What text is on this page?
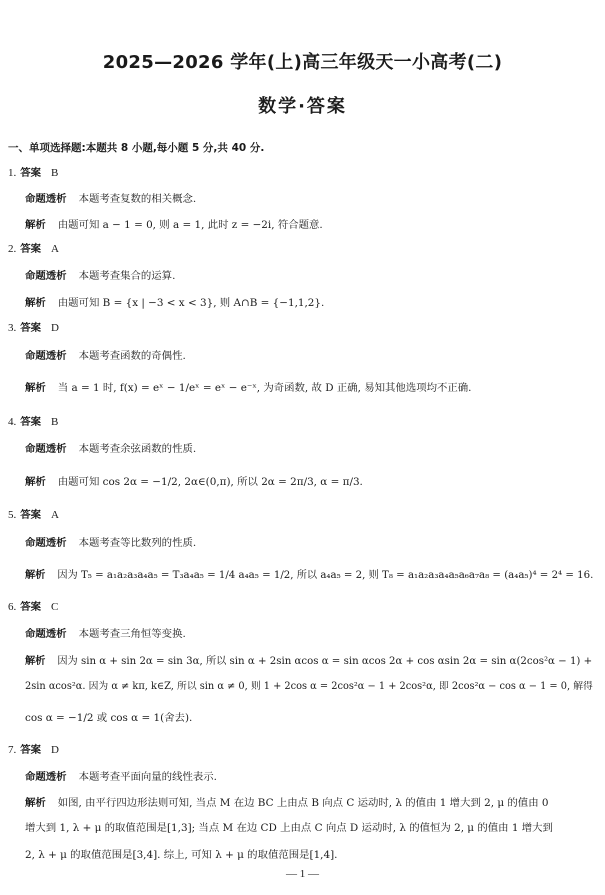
2025—2026 学年(上)高三年级天一小高考(二)
数学·答案
一、单项选择题:本题共 8 小题,每小题 5 分,共 40 分.
1. 答案 B
命题透析 本题考查复数的相关概念.
解析 由题可知 a − 1 = 0, 则 a = 1, 此时 z = −2i, 符合题意.
2. 答案 A
命题透析 本题考查集合的运算.
解析 由题可知 B = {x | −3 < x < 3}, 则 A∩B = {−1,1,2}.
3. 答案 D
命题透析 本题考查函数的奇偶性.
解析 当 a = 1 时, f(x) = eˣ − 1/eˣ = eˣ − e⁻ˣ, 为奇函数, 故 D 正确, 易知其他选项均不正确.
4. 答案 B
命题透析 本题考查余弦函数的性质.
解析 由题可知 cos 2α = −1/2, 2α∈(0,π), 所以 2α = 2π/3, α = π/3.
5. 答案 A
命题透析 本题考查等比数列的性质.
解析 因为 T₅ = a₁a₂a₃a₄a₅ = T₃a₄a₅ = 1/4 a₄a₅ = 1/2, 所以 a₄a₅ = 2, 则 T₈ = a₁a₂a₃a₄a₅a₆a₇a₈ = (a₄a₅)⁴ = 2⁴ = 16.
6. 答案 C
命题透析 本题考查三角恒等变换.
解析 因为 sin α + sin 2α = sin 3α, 所以 sin α + 2sin αcos α = sin αcos 2α + cos αsin 2α = sin α(2cos²α − 1) +
2sin αcos²α. 因为 α ≠ kπ, k∈Z, 所以 sin α ≠ 0, 则 1 + 2cos α = 2cos²α − 1 + 2cos²α, 即 2cos²α − cos α − 1 = 0, 解得
cos α = −1/2 或 cos α = 1(舍去).
7. 答案 D
命题透析 本题考查平面向量的线性表示.
解析 如图, 由平行四边形法则可知, 当点 M 在边 BC 上由点 B 向点 C 运动时, λ 的值由 1 增大到 2, μ 的值由 0
增大到 1, λ + μ 的取值范围是[1,3]; 当点 M 在边 CD 上由点 C 向点 D 运动时, λ 的值恒为 2, μ 的值由 1 增大到
2, λ + μ 的取值范围是[3,4]. 综上, 可知 λ + μ 的取值范围是[1,4].
— 1 —
